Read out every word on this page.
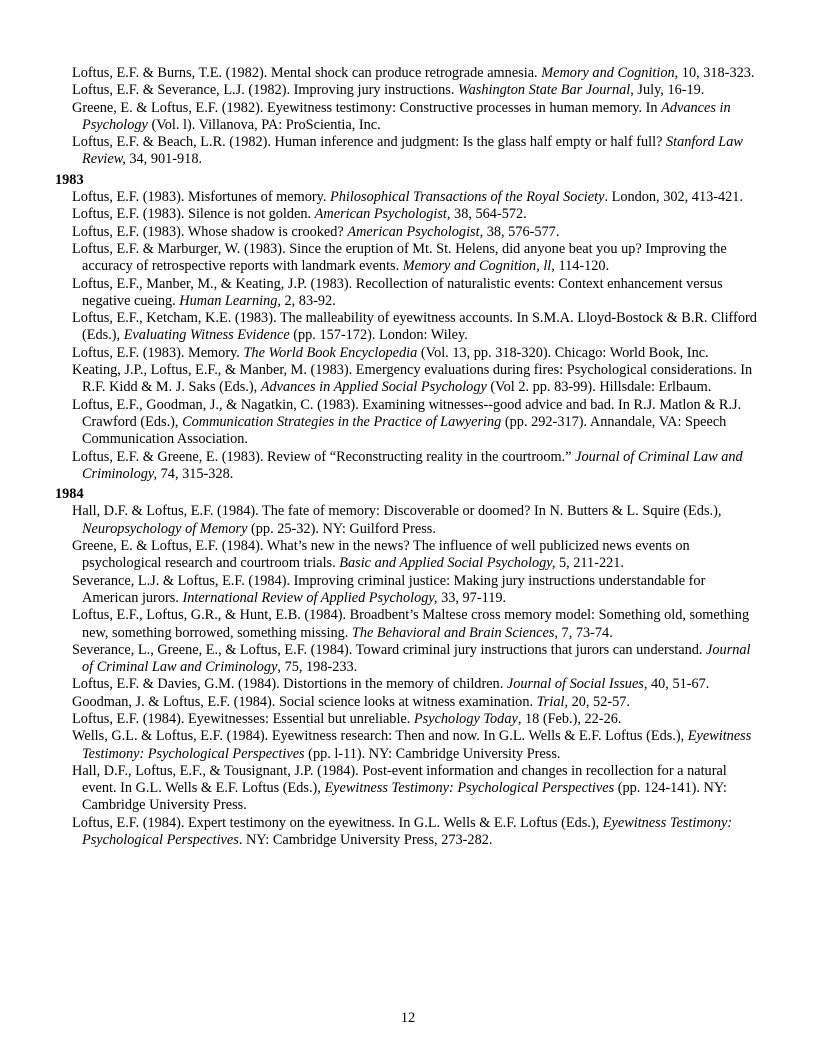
Loftus, E.F. & Burns, T.E. (1982). Mental shock can produce retrograde amnesia. Memory and Cognition, 10, 318-323.
Loftus, E.F. & Severance, L.J. (1982). Improving jury instructions. Washington State Bar Journal, July, 16-19.
Greene, E. & Loftus, E.F. (1982). Eyewitness testimony: Constructive processes in human memory. In Advances in Psychology (Vol. l). Villanova, PA: ProScientia, Inc.
Loftus, E.F. & Beach, L.R. (1982). Human inference and judgment: Is the glass half empty or half full? Stanford Law Review, 34, 901-918.
1983
Loftus, E.F. (1983). Misfortunes of memory. Philosophical Transactions of the Royal Society. London, 302, 413-421.
Loftus, E.F. (1983). Silence is not golden. American Psychologist, 38, 564-572.
Loftus, E.F. (1983). Whose shadow is crooked? American Psychologist, 38, 576-577.
Loftus, E.F. & Marburger, W. (1983). Since the eruption of Mt. St. Helens, did anyone beat you up? Improving the accuracy of retrospective reports with landmark events. Memory and Cognition, ll, 114-120.
Loftus, E.F., Manber, M., & Keating, J.P. (1983). Recollection of naturalistic events: Context enhancement versus negative cueing. Human Learning, 2, 83-92.
Loftus, E.F., Ketcham, K.E. (1983). The malleability of eyewitness accounts. In S.M.A. Lloyd-Bostock & B.R. Clifford (Eds.), Evaluating Witness Evidence (pp. 157-172). London: Wiley.
Loftus, E.F. (1983). Memory. The World Book Encyclopedia (Vol. 13, pp. 318-320). Chicago: World Book, Inc.
Keating, J.P., Loftus, E.F., & Manber, M. (1983). Emergency evaluations during fires: Psychological considerations. In R.F. Kidd & M. J. Saks (Eds.), Advances in Applied Social Psychology (Vol 2. pp. 83-99). Hillsdale: Erlbaum.
Loftus, E.F., Goodman, J., & Nagatkin, C. (1983). Examining witnesses--good advice and bad. In R.J. Matlon & R.J. Crawford (Eds.), Communication Strategies in the Practice of Lawyering (pp. 292-317). Annandale, VA: Speech Communication Association.
Loftus, E.F. & Greene, E. (1983). Review of “Reconstructing reality in the courtroom.” Journal of Criminal Law and Criminology, 74, 315-328.
1984
Hall, D.F. & Loftus, E.F. (1984). The fate of memory: Discoverable or doomed? In N. Butters & L. Squire (Eds.), Neuropsychology of Memory (pp. 25-32). NY: Guilford Press.
Greene, E. & Loftus, E.F. (1984). What’s new in the news? The influence of well publicized news events on psychological research and courtroom trials. Basic and Applied Social Psychology, 5, 211-221.
Severance, L.J. & Loftus, E.F. (1984). Improving criminal justice: Making jury instructions understandable for American jurors. International Review of Applied Psychology, 33, 97-119.
Loftus, E.F., Loftus, G.R., & Hunt, E.B. (1984). Broadbent’s Maltese cross memory model: Something old, something new, something borrowed, something missing. The Behavioral and Brain Sciences, 7, 73-74.
Severance, L., Greene, E., & Loftus, E.F. (1984). Toward criminal jury instructions that jurors can understand. Journal of Criminal Law and Criminology, 75, 198-233.
Loftus, E.F. & Davies, G.M. (1984). Distortions in the memory of children. Journal of Social Issues, 40, 51-67.
Goodman, J. & Loftus, E.F. (1984). Social science looks at witness examination. Trial, 20, 52-57.
Loftus, E.F. (1984). Eyewitnesses: Essential but unreliable. Psychology Today, 18 (Feb.), 22-26.
Wells, G.L. & Loftus, E.F. (1984). Eyewitness research: Then and now. In G.L. Wells & E.F. Loftus (Eds.), Eyewitness Testimony: Psychological Perspectives (pp. l-11). NY: Cambridge University Press.
Hall, D.F., Loftus, E.F., & Tousignant, J.P. (1984). Post-event information and changes in recollection for a natural event. In G.L. Wells & E.F. Loftus (Eds.), Eyewitness Testimony: Psychological Perspectives (pp. 124-141). NY: Cambridge University Press.
Loftus, E.F. (1984). Expert testimony on the eyewitness. In G.L. Wells & E.F. Loftus (Eds.), Eyewitness Testimony: Psychological Perspectives. NY: Cambridge University Press, 273-282.
12
